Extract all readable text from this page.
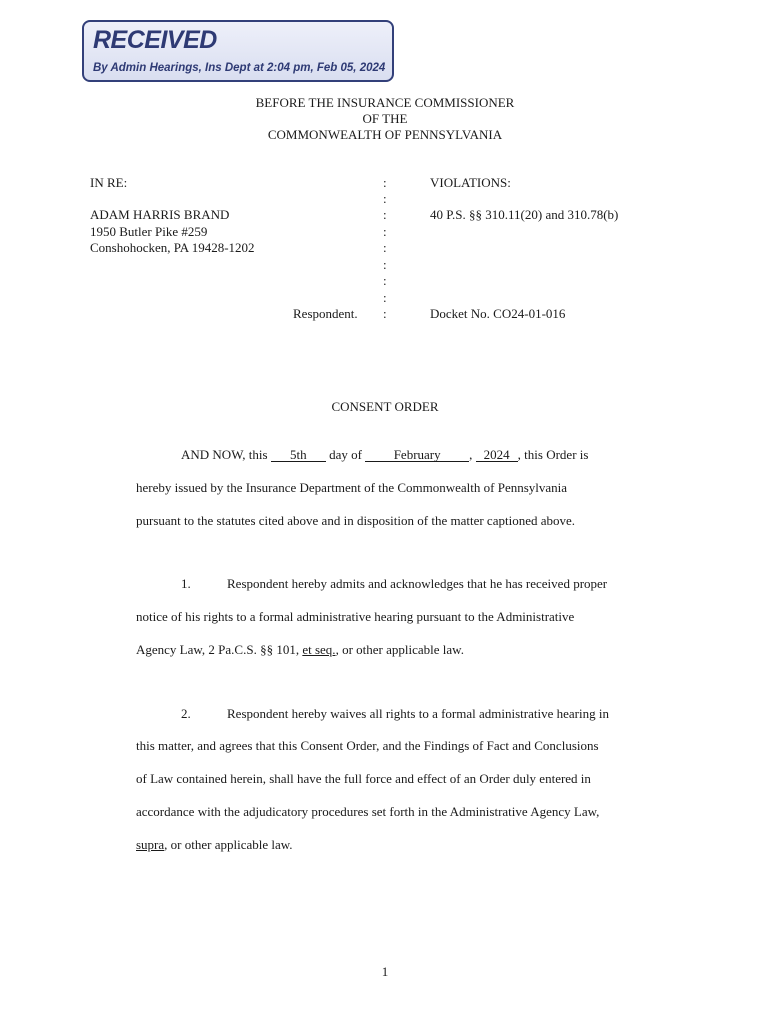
RECEIVED
By Admin Hearings, Ins Dept at 2:04 pm, Feb 05, 2024
BEFORE THE INSURANCE COMMISSIONER
OF THE
COMMONWEALTH OF PENNSYLVANIA
IN RE:
ADAM HARRIS BRAND
1950 Butler Pike #259
Conshohocken, PA 19428-1202
Respondent.
:
:
:
:
:
:
:
:
:
VIOLATIONS:
40 P.S. §§ 310.11(20) and 310.78(b)
Docket No. CO24-01-016
CONSENT ORDER
AND NOW, this 5th day of February , 2024 , this Order is
hereby issued by the Insurance Department of the Commonwealth of Pennsylvania
pursuant to the statutes cited above and in disposition of the matter captioned above.
1.	Respondent hereby admits and acknowledges that he has received proper
notice of his rights to a formal administrative hearing pursuant to the Administrative
Agency Law, 2 Pa.C.S. §§ 101, et seq., or other applicable law.
2.	Respondent hereby waives all rights to a formal administrative hearing in
this matter, and agrees that this Consent Order, and the Findings of Fact and Conclusions
of Law contained herein, shall have the full force and effect of an Order duly entered in
accordance with the adjudicatory procedures set forth in the Administrative Agency Law,
supra, or other applicable law.
1
